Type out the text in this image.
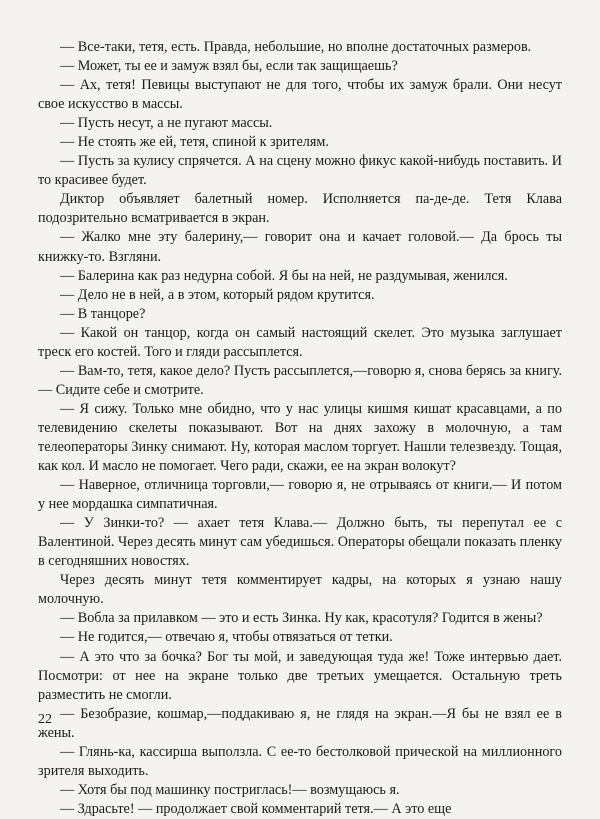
— Все-таки, тетя, есть. Правда, небольшие, но вполне достаточных размеров.

— Может, ты ее и замуж взял бы, если так защищаешь?

— Ах, тетя! Певицы выступают не для того, чтобы их замуж брали. Они несут свое искусство в массы.

— Пусть несут, а не пугают массы.

— Не стоять же ей, тетя, спиной к зрителям.

— Пусть за кулису спрячется. А на сцену можно фикус какой-нибудь поставить. И то красивее будет.

Диктор объявляет балетный номер. Исполняется па-де-де. Тетя Клава подозрительно всматривается в экран.

— Жалко мне эту балерину,— говорит она и качает головой.— Да брось ты книжку-то. Взгляни.

— Балерина как раз недурна собой. Я бы на ней, не раздумывая, женился.

— Дело не в ней, а в этом, который рядом крутится.

— В танцоре?

— Какой он танцор, когда он самый настоящий скелет. Это музыка заглушает треск его костей. Того и гляди рассыплется.

— Вам-то, тетя, какое дело? Пусть рассыплется,—говорю я, снова берясь за книгу.— Сидите себе и смотрите.

— Я сижу. Только мне обидно, что у нас улицы кишмя кишат красавцами, а по телевидению скелеты показывают. Вот на днях захожу в молочную, а там телеоператоры Зинку снимают. Ну, которая маслом торгует. Нашли телезвезду. Тощая, как кол. И масло не помогает. Чего ради, скажи, ее на экран волокут?

— Наверное, отличница торговли,— говорю я, не отрываясь от книги.— И потом у нее мордашка симпатичная.

— У Зинки-то? — ахает тетя Клава.— Должно быть, ты перепутал ее с Валентиной. Через десять минут сам убедишься. Операторы обещали показать пленку в сегодняшних новостях.

Через десять минут тетя комментирует кадры, на которых я узнаю нашу молочную.

— Вобла за прилавком — это и есть Зинка. Ну как, красотуля? Годится в жены?

— Не годится,— отвечаю я, чтобы отвязаться от тетки.

— А это что за бочка? Бог ты мой, и заведующая туда же! Тоже интервью дает. Посмотри: от нее на экране только две третьих умещается. Остальную треть разместить не смогли.

— Безобразие, кошмар,—поддакиваю я, не глядя на экран.—Я бы не взял ее в жены.

— Глянь-ка, кассирша выползла. С ее-то бестолковой прической на миллионного зрителя выходить.

— Хотя бы под машинку постриглась!— возмущаюсь я.

— Здрасьте! — продолжает свой комментарий тетя.— А это еще

22
